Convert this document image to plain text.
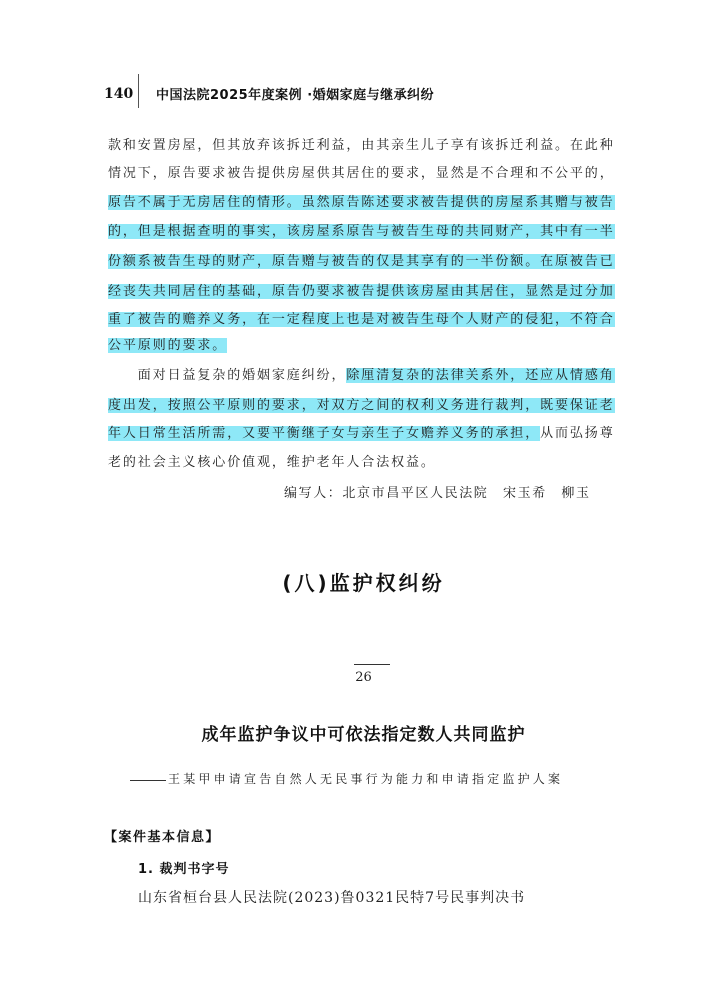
140 中国法院2025年度案例 ·婚姻家庭与继承纠纷
款和安置房屋，但其放弃该拆迁利益，由其亲生儿子享有该拆迁利益。在此种
情况下，原告要求被告提供房屋供其居住的要求，显然是不合理和不公平的，
原告不属于无房居住的情形。虽然原告陈述要求被告提供的房屋系其赠与被告
的，但是根据查明的事实，该房屋系原告与被告生母的共同财产，其中有一半
份额系被告生母的财产，原告赠与被告的仅是其享有的一半份额。在原被告已
经丧失共同居住的基础，原告仍要求被告提供该房屋由其居住，显然是过分加
重了被告的赡养义务，在一定程度上也是对被告生母个人财产的侵犯，不符合
公平原则的要求。
　　面对日益复杂的婚姻家庭纠纷，除厘清复杂的法律关系外，还应从情感角
度出发，按照公平原则的要求，对双方之间的权利义务进行裁判，既要保证老
年人日常生活所需，又要平衡继子女与亲生子女赡养义务的承担，从而弘扬尊
老的社会主义核心价值观，维护老年人合法权益。
编写人：北京市昌平区人民法院　宋玉希　柳玉
(八)监护权纠纷
26
成年监护争议中可依法指定数人共同监护
王某甲申请宣告自然人无民事行为能力和申请指定监护人案
【案件基本信息】
1. 裁判书字号
山东省桓台县人民法院(2023)鲁0321民特7号民事判决书
